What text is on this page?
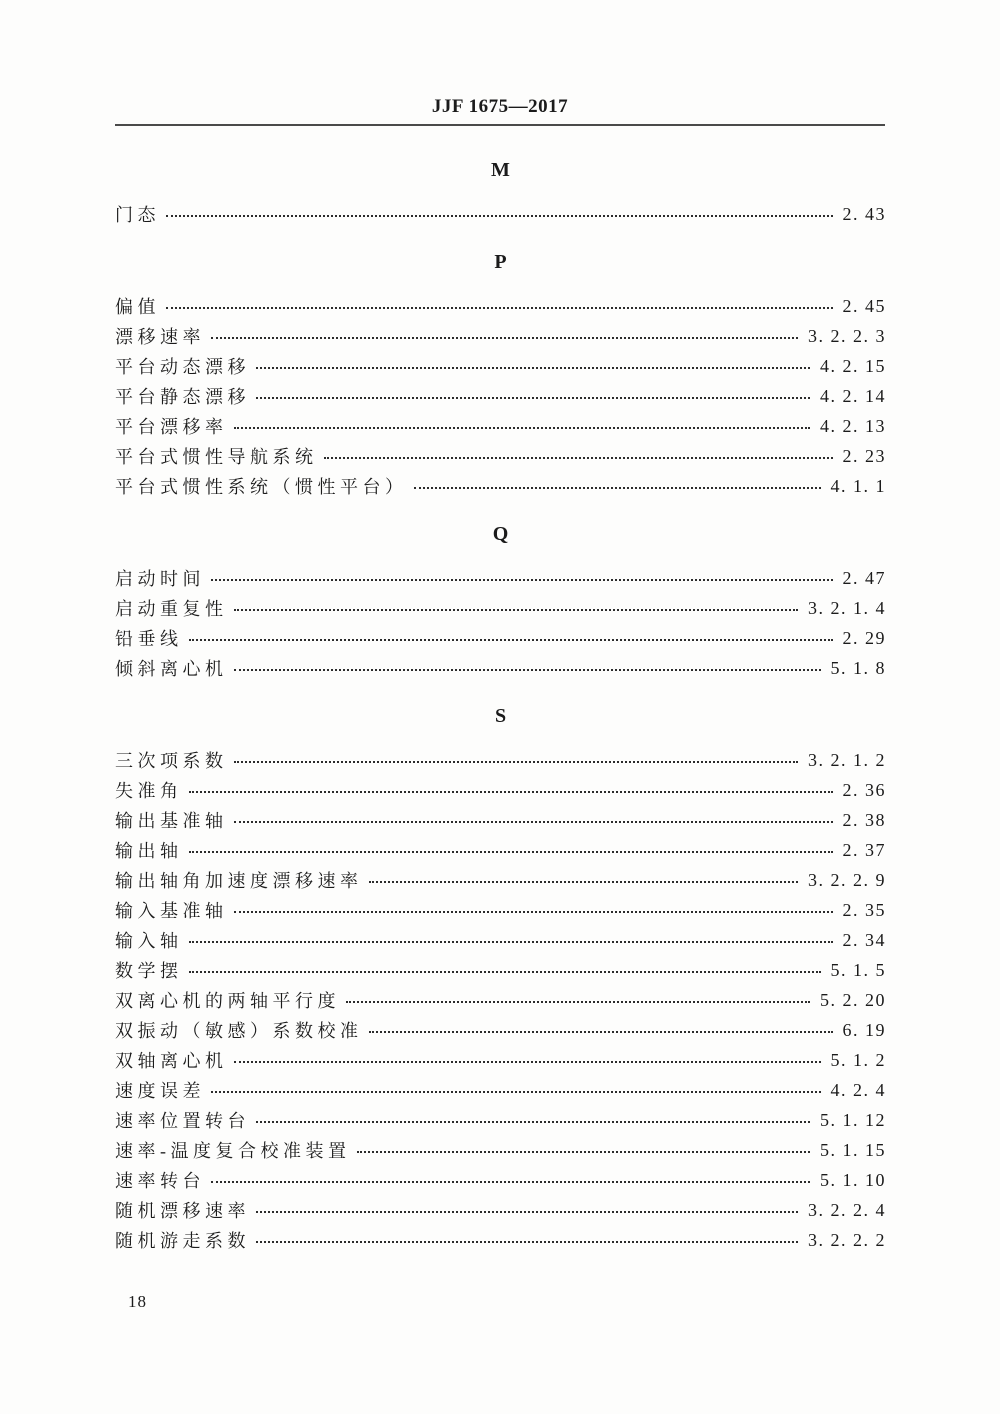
JJF 1675—2017
M
门态	2. 43
P
偏值	2. 45
漂移速率	3. 2. 2. 3
平台动态漂移	4. 2. 15
平台静态漂移	4. 2. 14
平台漂移率	4. 2. 13
平台式惯性导航系统	2. 23
平台式惯性系统（惯性平台）	4. 1. 1
Q
启动时间	2. 47
启动重复性	3. 2. 1. 4
铅垂线	2. 29
倾斜离心机	5. 1. 8
S
三次项系数	3. 2. 1. 2
失准角	2. 36
输出基准轴	2. 38
输出轴	2. 37
输出轴角加速度漂移速率	3. 2. 2. 9
输入基准轴	2. 35
输入轴	2. 34
数学摆	5. 1. 5
双离心机的两轴平行度	5. 2. 20
双振动（敏感）系数校准	6. 19
双轴离心机	5. 1. 2
速度误差	4. 2. 4
速率位置转台	5. 1. 12
速率-温度复合校准装置	5. 1. 15
速率转台	5. 1. 10
随机漂移速率	3. 2. 2. 4
随机游走系数	3. 2. 2. 2
18
